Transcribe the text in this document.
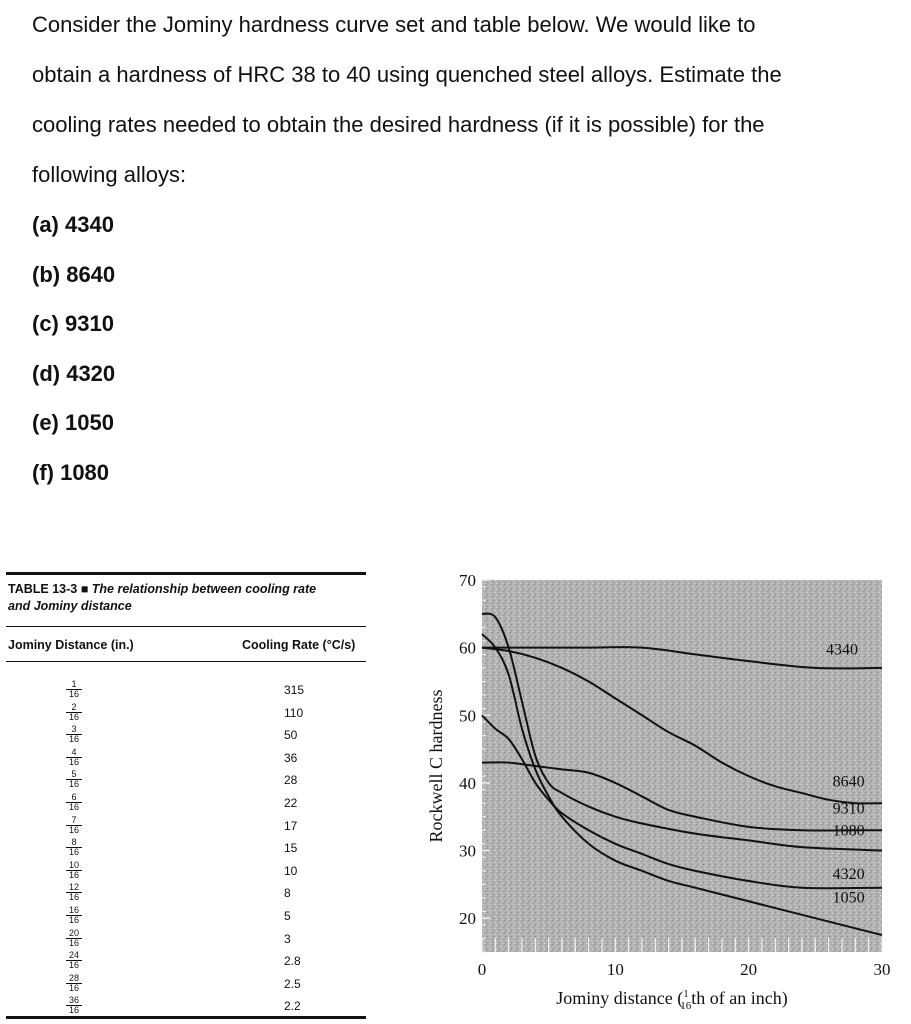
Consider the Jominy hardness curve set and table below. We would like to

obtain a hardness of HRC 38 to 40 using quenched steel alloys. Estimate the

cooling rates needed to obtain the desired hardness (if it is possible) for the

following alloys:

(a) 4340

(b) 8640

(c) 9310

(d) 4320

(e) 1050

(f) 1080

TABLE 13-3 ■ The relationship between cooling rate
and Jominy distance
Jominy Distance (in.)	Cooling Rate (°C/s)
$\frac{1}{16}$	315
$\frac{2}{16}$	110
$\frac{3}{16}$	50
$\frac{4}{16}$	36
$\frac{5}{16}$	28
$\frac{6}{16}$	22
$\frac{7}{16}$	17
$\frac{8}{16}$	15
$\frac{10}{16}$	10
$\frac{12}{16}$	8
$\frac{16}{16}$	5
$\frac{20}{16}$	3
$\frac{24}{16}$	2.8
$\frac{28}{16}$	2.5
$\frac{36}{16}$	2.2
20
30
40
50
60
70
0	10	20	30
4340
8640
9310
1080
4320
1050
Rockwell C hardness
Jominy distance ($^1$ 16th of an inch)
